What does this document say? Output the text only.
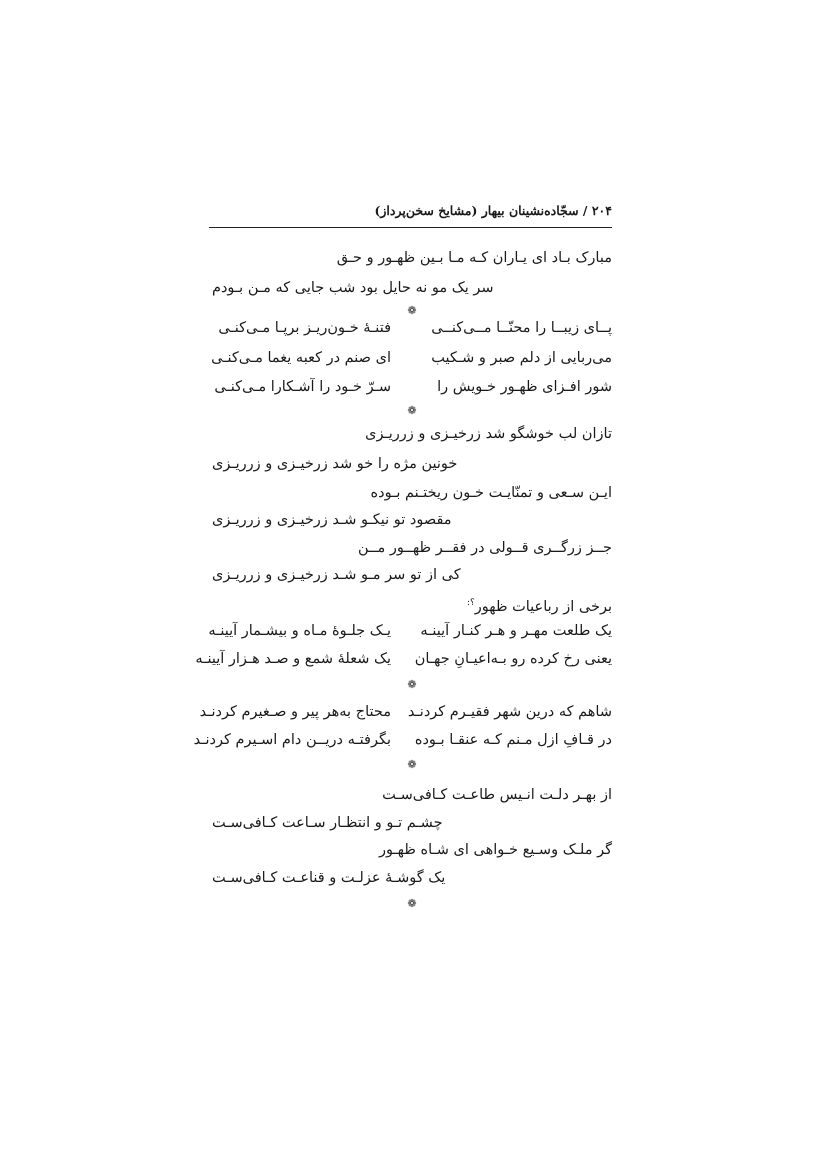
۲۰۴ / سجّاده‌نشینان بیهار (مشایخ سخن‌پرداز)
مبارک بـاد ای یـاران کـه مـا بـین ظهـور و حـق
سر یک مو نه حایل بود شب جایی که مـن بـودم
❁
پــای زیبــا را محنّــا مــی‌کنــی
فتنـۀ خـون‌ریـز برپـا مـی‌کنـی
می‌ربایی از دلم صبر و شـکیب
ای صنم در کعبه یغما مـی‌کنـی
شور افـزای ظهـور خـویش را
سـرّ خـود را آشـکارا مـی‌کنـی
❁
تازان لب خوشگو شد زرخیـزی و زرریـزی
خونین مژه را خو شد زرخیـزی و زرریـزی
ایـن سـعی و تمنّایـت خـون ریختـنم بـوده
مقصود تو نیکـو شـد زرخیـزی و زرریـزی
جــز زرگــری قــولی در فقــر ظهــور مــن
کی از تو سر مـو شـد زرخیـزی و زرریـزی
برخی از رباعیات ظهور؟:
یک طلعت مهـر و هـر کنـار آیینـه
یـک جلـوۀ مـاه و بیشـمار آیینـه
یعنی رخ کرده رو بـه‌اعیـانِ جهـان
یک شعلۀ شمع و صـد هـزار آیینـه
❁
شاهم که درین شهر فقیـرم کردنـد
محتاج به‌هر پیر و صـغیرم کردنـد
در قـافِ ازل مـنم کـه عنقـا بـوده
بگرفتـه دریــن دام اسـیرم کردنـد
❁
از بهـر دلـت انـیس طاعـت کـافی‌سـت
چشـم تـو و انتظـار سـاعت کـافی‌سـت
گر ملـک وسـیع خـواهی ای شـاه ظهـور
یک گوشـۀ عزلـت و قناعـت کـافی‌سـت
❁
